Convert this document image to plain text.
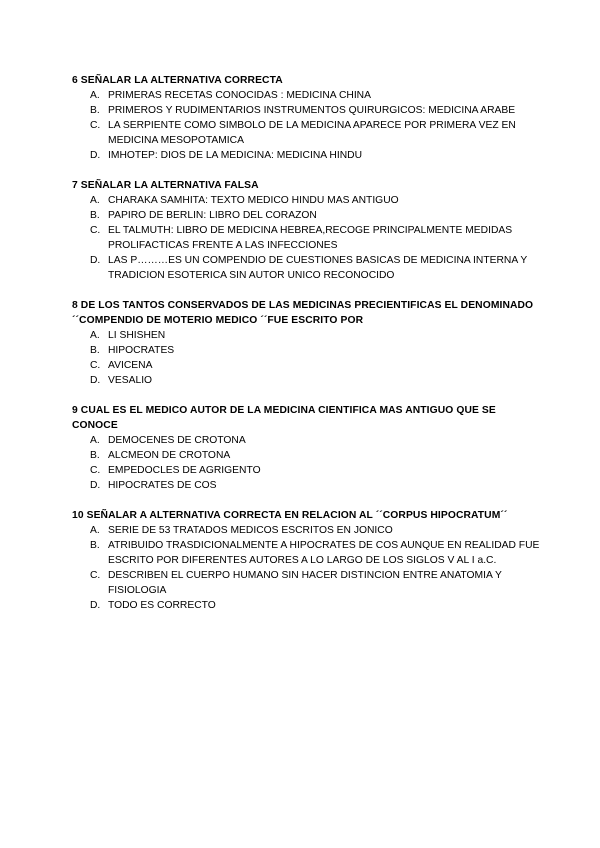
6 SEÑALAR LA ALTERNATIVA CORRECTA

A. PRIMERAS RECETAS CONOCIDAS : MEDICINA CHINA
B. PRIMEROS Y RUDIMENTARIOS INSTRUMENTOS QUIRURGICOS: MEDICINA ARABE
C. LA SERPIENTE COMO SIMBOLO DE LA MEDICINA APARECE POR PRIMERA VEZ EN MEDICINA MESOPOTAMICA
D. IMHOTEP: DIOS DE LA MEDICINA: MEDICINA HINDU

7 SEÑALAR LA ALTERNATIVA FALSA

A. CHARAKA SAMHITA: TEXTO MEDICO HINDU MAS ANTIGUO
B. PAPIRO DE BERLIN: LIBRO DEL CORAZON
C. EL TALMUTH: LIBRO DE MEDICINA HEBREA,RECOGE PRINCIPALMENTE MEDIDAS PROLIFACTICAS FRENTE A LAS INFECCIONES
D. LAS P………ES UN COMPENDIO DE CUESTIONES BASICAS DE MEDICINA INTERNA Y TRADICION ESOTERICA SIN AUTOR UNICO RECONOCIDO

8 DE LOS TANTOS CONSERVADOS DE LAS MEDICINAS PRECIENTIFICAS EL DENOMINADO ´´COMPENDIO DE MOTERIO MEDICO ´´FUE ESCRITO POR

A. LI SHISHEN
B. HIPOCRATES
C. AVICENA
D. VESALIO

9 CUAL ES EL MEDICO AUTOR DE LA MEDICINA CIENTIFICA MAS ANTIGUO QUE SE CONOCE

A. DEMOCENES DE CROTONA
B. ALCMEON DE CROTONA
C. EMPEDOCLES DE AGRIGENTO
D. HIPOCRATES DE COS

10 SEÑALAR A ALTERNATIVA CORRECTA EN RELACION AL ´´CORPUS HIPOCRATUM´´

A. SERIE DE 53 TRATADOS MEDICOS ESCRITOS EN JONICO
B. ATRIBUIDO TRASDICIONALMENTE A HIPOCRATES DE COS AUNQUE EN REALIDAD FUE ESCRITO POR DIFERENTES AUTORES A LO LARGO DE LOS SIGLOS V AL I a.C.
C. DESCRIBEN EL CUERPO HUMANO SIN HACER DISTINCION ENTRE ANATOMIA Y FISIOLOGIA
D. TODO ES CORRECTO
